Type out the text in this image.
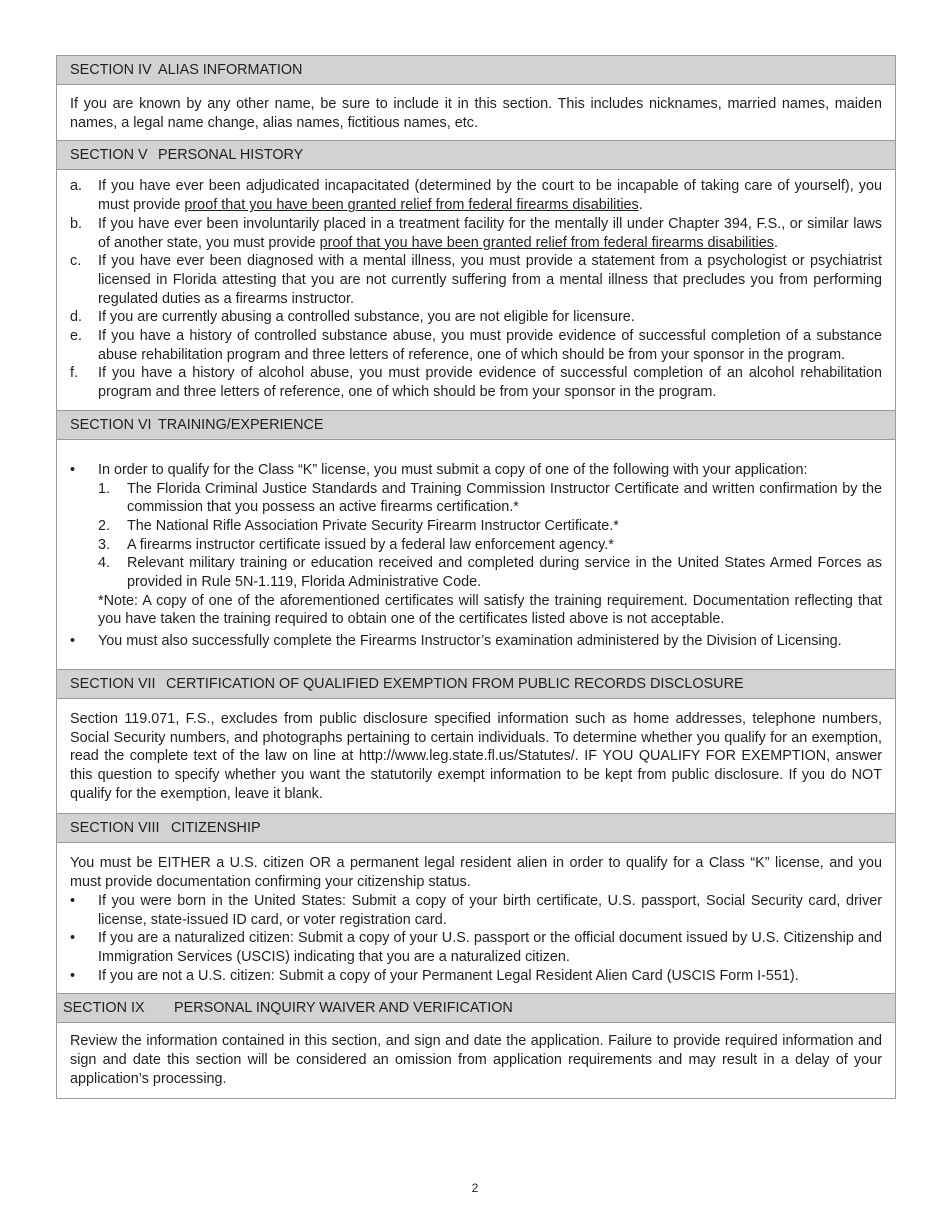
SECTION IV ALIAS INFORMATION
If you are known by any other name, be sure to include it in this section. This includes nicknames, married names, maiden names, a legal name change, alias names, fictitious names, etc.
SECTION V PERSONAL HISTORY
a.	If you have ever been adjudicated incapacitated (determined by the court to be incapable of taking care of yourself), you must provide proof that you have been granted relief from federal firearms disabilities.
b.	If you have ever been involuntarily placed in a treatment facility for the mentally ill under Chapter 394, F.S., or similar laws of another state, you must provide proof that you have been granted relief from federal firearms disabilities.
c.	If you have ever been diagnosed with a mental illness, you must provide a statement from a psychologist or psychiatrist licensed in Florida attesting that you are not currently suffering from a mental illness that precludes you from performing regulated duties as a firearms instructor.
d.	If you are currently abusing a controlled substance, you are not eligible for licensure.
e.	If you have a history of controlled substance abuse, you must provide evidence of successful completion of a substance abuse rehabilitation program and three letters of reference, one of which should be from your sponsor in the program.
f.	If you have a history of alcohol abuse, you must provide evidence of successful completion of an alcohol rehabilitation program and three letters of reference, one of which should be from your sponsor in the program.
SECTION VI TRAINING/EXPERIENCE
•	In order to qualify for the Class “K” license, you must submit a copy of one of the following with your application:
1.	The Florida Criminal Justice Standards and Training Commission Instructor Certificate and written confirmation by the commission that you possess an active firearms certification.*
2.	The National Rifle Association Private Security Firearm Instructor Certificate.*
3.	A firearms instructor certificate issued by a federal law enforcement agency.*
4.	Relevant military training or education received and completed during service in the United States Armed Forces as provided in Rule 5N-1.119, Florida Administrative Code.
*Note: A copy of one of the aforementioned certificates will satisfy the training requirement. Documentation reflecting that you have taken the training required to obtain one of the certificates listed above is not acceptable.
•	You must also successfully complete the Firearms Instructor’s examination administered by the Division of Licensing.
SECTION VII CERTIFICATION OF QUALIFIED EXEMPTION FROM PUBLIC RECORDS DISCLOSURE
Section 119.071, F.S., excludes from public disclosure specified information such as home addresses, telephone numbers, Social Security numbers, and photographs pertaining to certain individuals. To determine whether you qualify for an exemption, read the complete text of the law on line at http://www.leg.state.fl.us/Statutes/. IF YOU QUALIFY FOR EXEMPTION, answer this question to specify whether you want the statutorily exempt information to be kept from public disclosure. If you do NOT qualify for the exemption, leave it blank.
SECTION VIII CITIZENSHIP
You must be EITHER a U.S. citizen OR a permanent legal resident alien in order to qualify for a Class “K” license, and you must provide documentation confirming your citizenship status.
•	If you were born in the United States: Submit a copy of your birth certificate, U.S. passport, Social Security card, driver license, state-issued ID card, or voter registration card.
•	If you are a naturalized citizen: Submit a copy of your U.S. passport or the official document issued by U.S. Citizenship and Immigration Services (USCIS) indicating that you are a naturalized citizen.
•	If you are not a U.S. citizen: Submit a copy of your Permanent Legal Resident Alien Card (USCIS Form I-551).
SECTION IX PERSONAL INQUIRY WAIVER AND VERIFICATION
Review the information contained in this section, and sign and date the application. Failure to provide required information and sign and date this section will be considered an omission from application requirements and may result in a delay of your application’s processing.
2
